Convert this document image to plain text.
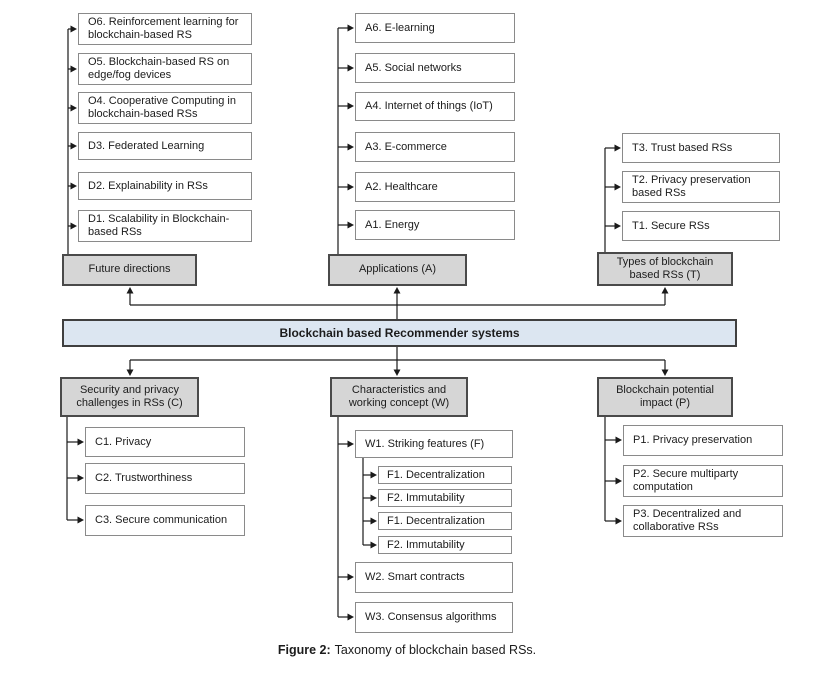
O6. Reinforcement learning for blockchain-based RS
O5. Blockchain-based RS on edge/fog devices
O4. Cooperative Computing in blockchain-based RSs
D3. Federated Learning
D2. Explainability in RSs
D1. Scalability in Blockchain-based RSs
Future directions
A6. E-learning
A5. Social networks
A4. Internet of things (IoT)
A3. E-commerce
A2. Healthcare
A1. Energy
Applications (A)
T3. Trust based RSs
T2. Privacy preservation based RSs
T1. Secure RSs
Types of blockchain based RSs (T)
Blockchain based Recommender systems
Security and privacy challenges in RSs (C)
C1. Privacy
C2. Trustworthiness
C3. Secure communication
Characteristics and working concept (W)
W1. Striking features (F)
F1. Decentralization
F2. Immutability
F1. Decentralization
F2. Immutability
W2. Smart contracts
W3. Consensus algorithms
Blockchain potential impact (P)
P1. Privacy preservation
P2. Secure multiparty computation
P3. Decentralized and collaborative RSs
Figure 2: Taxonomy of blockchain based RSs.
